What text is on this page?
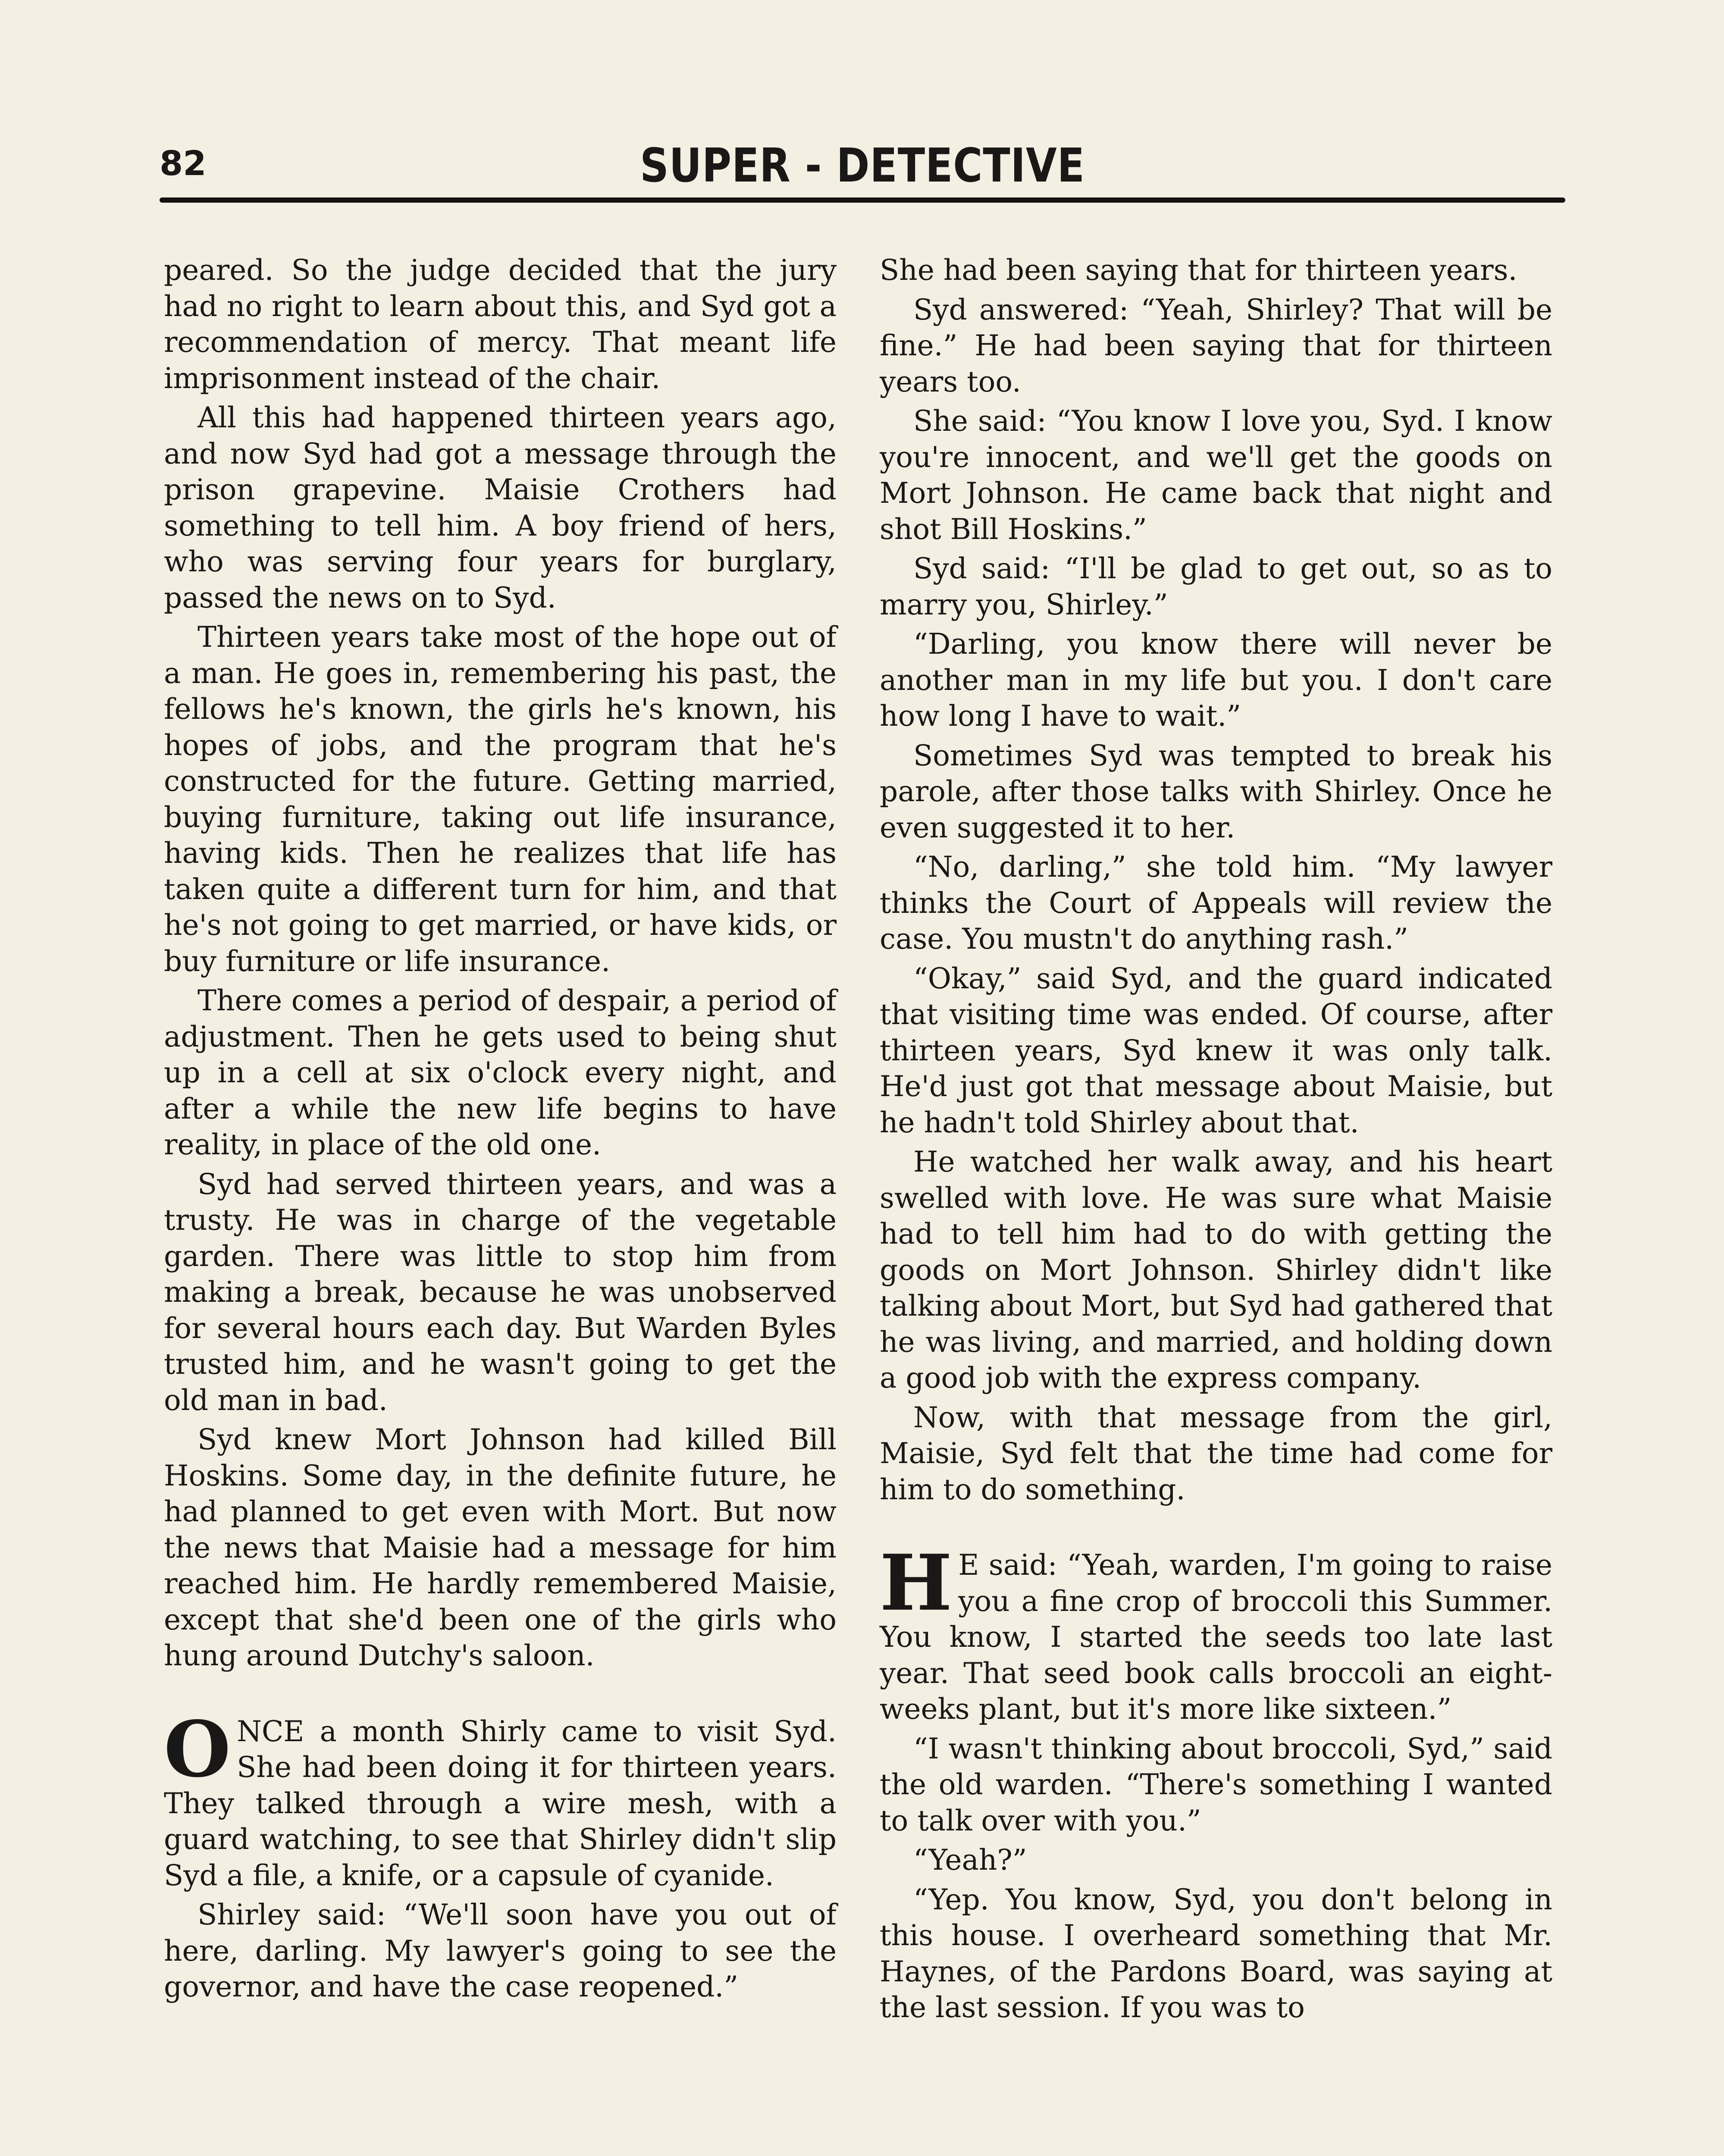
82	SUPER - DETECTIVE

peared. So the judge decided that the jury had no right to learn about this, and Syd got a recommendation of mercy. That meant life imprisonment instead of the chair.

All this had happened thirteen years ago, and now Syd had got a message through the prison grapevine. Maisie Crothers had something to tell him. A boy friend of hers, who was serving four years for burglary, passed the news on to Syd.

Thirteen years take most of the hope out of a man. He goes in, remembering his past, the fellows he's known, the girls he's known, his hopes of jobs, and the program that he's constructed for the future. Getting married, buying furniture, taking out life insurance, having kids. Then he realizes that life has taken quite a different turn for him, and that he's not going to get married, or have kids, or buy furniture or life insurance.

There comes a period of despair, a period of adjustment. Then he gets used to being shut up in a cell at six o'clock every night, and after a while the new life begins to have reality, in place of the old one.

Syd had served thirteen years, and was a trusty. He was in charge of the vegetable garden. There was little to stop him from making a break, because he was unobserved for several hours each day. But Warden Byles trusted him, and he wasn't going to get the old man in bad.

Syd knew Mort Johnson had killed Bill Hoskins. Some day, in the definite future, he had planned to get even with Mort. But now the news that Maisie had a message for him reached him. He hardly remembered Maisie, except that she'd been one of the girls who hung around Dutchy's saloon.

ONCE a month Shirly came to visit Syd. She had been doing it for thirteen years. They talked through a wire mesh, with a guard watching, to see that Shirley didn't slip Syd a file, a knife, or a capsule of cyanide.

Shirley said: “We'll soon have you out of here, darling. My lawyer's going to see the governor, and have the case reopened.”

She had been saying that for thirteen years.

Syd answered: “Yeah, Shirley? That will be fine.” He had been saying that for thirteen years too.

She said: “You know I love you, Syd. I know you're innocent, and we'll get the goods on Mort Johnson. He came back that night and shot Bill Hoskins.”

Syd said: “I'll be glad to get out, so as to marry you, Shirley.”

“Darling, you know there will never be another man in my life but you. I don't care how long I have to wait.”

Sometimes Syd was tempted to break his parole, after those talks with Shirley. Once he even suggested it to her.

“No, darling,” she told him. “My lawyer thinks the Court of Appeals will review the case. You mustn't do anything rash.”

“Okay,” said Syd, and the guard indicated that visiting time was ended. Of course, after thirteen years, Syd knew it was only talk. He'd just got that message about Maisie, but he hadn't told Shirley about that.

He watched her walk away, and his heart swelled with love. He was sure what Maisie had to tell him had to do with getting the goods on Mort Johnson. Shirley didn't like talking about Mort, but Syd had gathered that he was living, and married, and holding down a good job with the express company.

Now, with that message from the girl, Maisie, Syd felt that the time had come for him to do something.

H E said: “Yeah, warden, I'm going to raise you a fine crop of broccoli this Summer. You know, I started the seeds too late last year. That seed book calls broccoli an eight-weeks plant, but it's more like sixteen.”

“I wasn't thinking about broccoli, Syd,” said the old warden. “There's something I wanted to talk over with you.”

“Yeah?”

“Yep. You know, Syd, you don't belong in this house. I overheard something that Mr. Haynes, of the Pardons Board, was saying at the last session. If you was to
